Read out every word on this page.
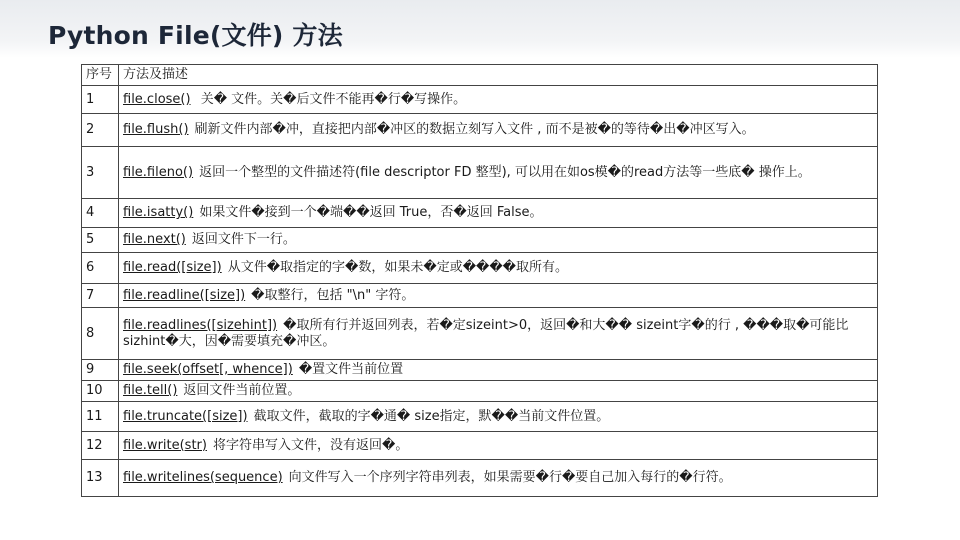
Python File(文件) 方法
序号	方法及描述
1	file.close() 关� 文件。关�后文件不能再�行�写操作。
2	file.flush() 刷新文件内部�冲，直接把内部�冲区的数据立刻写入文件 , 而不是被�的等待�出�冲区写入。
3	file.fileno() 返回一个整型的文件描述符(file descriptor FD 整型), 可以用在如os模�的read方法等一些底� 操作上。
4	file.isatty() 如果文件�接到一个�端��返回 True，否�返回 False。
5	file.next() 返回文件下一行。
6	file.read([size]) 从文件�取指定的字�数，如果未�定或����取所有。
7	file.readline([size]) �取整行，包括 "\n" 字符。
8	file.readlines([sizehint]) �取所有行并返回列表，若�定sizeint>0，返回�和大�� sizeint字�的行 , ���取�可能比 sizhint�大，因�需要填充�冲区。
9	file.seek(offset[, whence]) �置文件当前位置
10	file.tell() 返回文件当前位置。
11	file.truncate([size]) 截取文件，截取的字�通� size指定，默��当前文件位置。
12	file.write(str) 将字符串写入文件，没有返回�。
13	file.writelines(sequence) 向文件写入一个序列字符串列表，如果需要�行�要自己加入每行的�行符。
